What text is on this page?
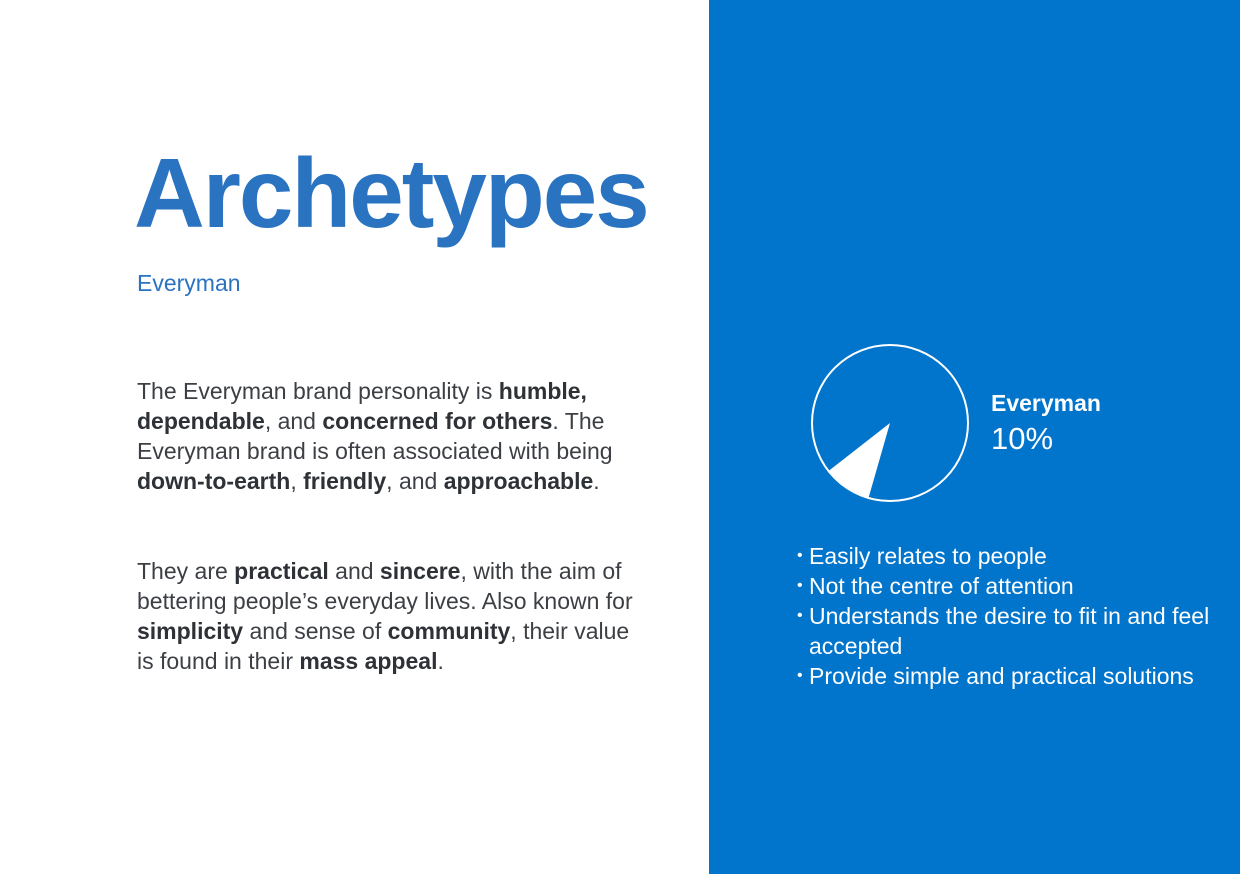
Archetypes
Everyman

The Everyman brand personality is humble, dependable, and concerned for others. The Everyman brand is often associated with being down-to-earth, friendly, and approachable.

They are practical and sincere, with the aim of bettering people’s everyday lives. Also known for simplicity and sense of community, their value is found in their mass appeal.

Everyman
10%
• Easily relates to people
• Not the centre of attention
• Understands the desire to fit in and feel accepted
• Provide simple and practical solutions
